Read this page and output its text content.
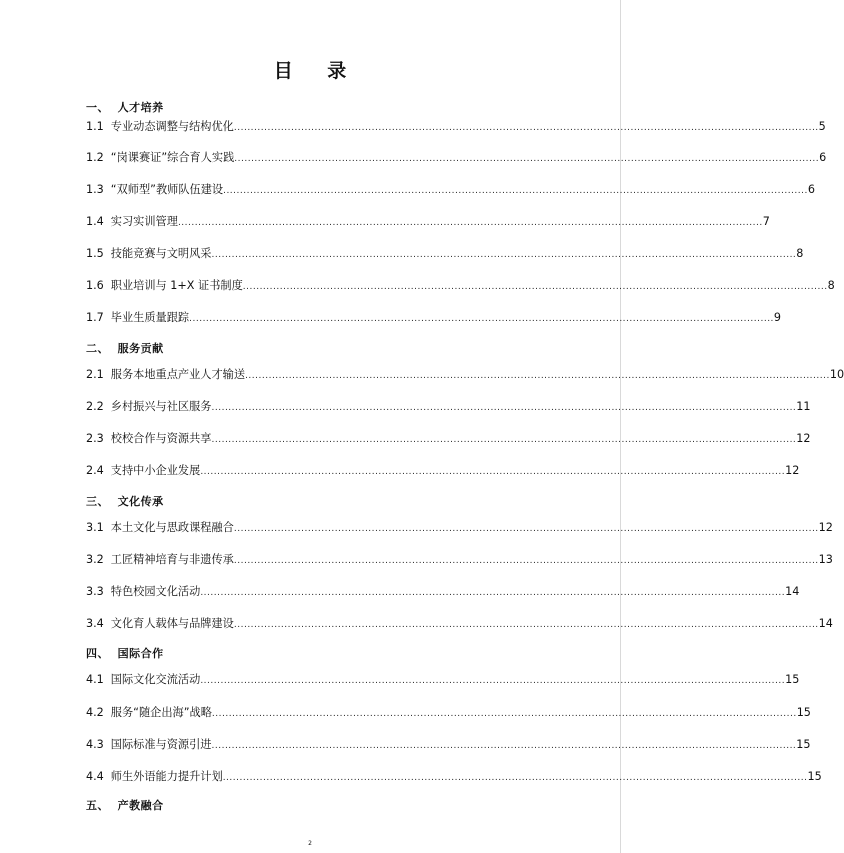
目 录
一、  人才培养
1.1 专业动态调整与结构优化 .............................................................................................................................................................................. 5
1.2 “岗课赛证”综合育人实践 .............................................................................................................................................................................. 6
1.3 “双师型”教师队伍建设 .............................................................................................................................................................................. 6
1.4 实习实训管理 .............................................................................................................................................................................. 7
1.5 技能竞赛与文明风采 .............................................................................................................................................................................. 8
1.6 职业培训与 1+X 证书制度 .............................................................................................................................................................................. 8
1.7 毕业生质量跟踪 .............................................................................................................................................................................. 9
二、  服务贡献
2.1 服务本地重点产业人才输送 .............................................................................................................................................................................. 10
2.2 乡村振兴与社区服务 .............................................................................................................................................................................. 11
2.3 校校合作与资源共享 .............................................................................................................................................................................. 12
2.4 支持中小企业发展 .............................................................................................................................................................................. 12
三、  文化传承
3.1 本土文化与思政课程融合 .............................................................................................................................................................................. 12
3.2 工匠精神培育与非遗传承 .............................................................................................................................................................................. 13
3.3 特色校园文化活动 .............................................................................................................................................................................. 14
3.4 文化育人载体与品牌建设 .............................................................................................................................................................................. 14
四、  国际合作
4.1 国际文化交流活动 .............................................................................................................................................................................. 15
4.2 服务“随企出海”战略 .............................................................................................................................................................................. 15
4.3 国际标准与资源引进 .............................................................................................................................................................................. 15
4.4 师生外语能力提升计划 .............................................................................................................................................................................. 15
五、  产教融合
2
